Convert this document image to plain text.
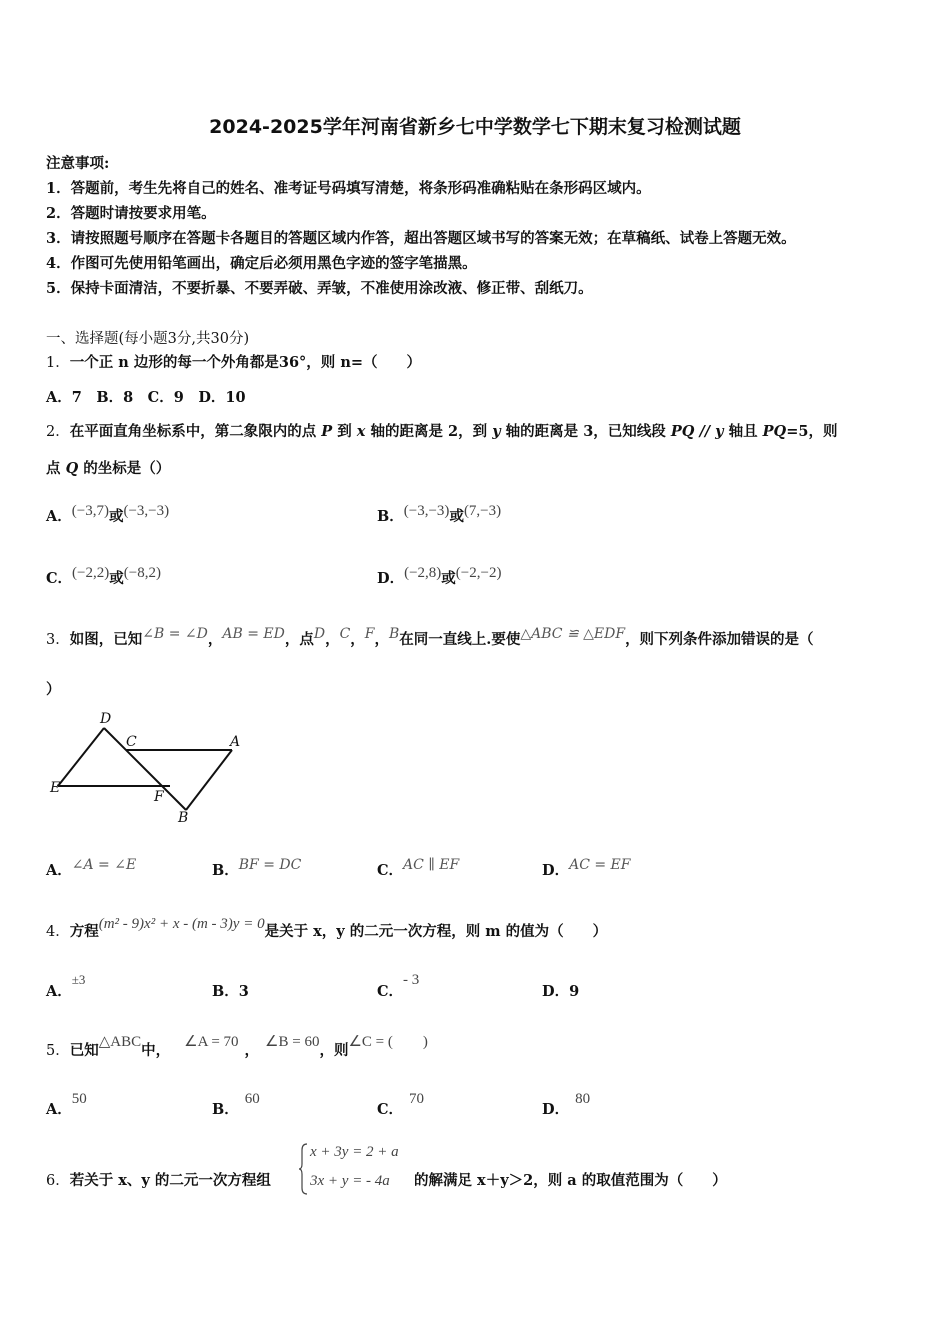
2024-2025学年河南省新乡七中学数学七下期末复习检测试题
注意事项:
1．答题前，考生先将自己的姓名、准考证号码填写清楚，将条形码准确粘贴在条形码区域内。
2．答题时请按要求用笔。
3．请按照题号顺序在答题卡各题目的答题区域内作答，超出答题区域书写的答案无效；在草稿纸、试卷上答题无效。
4．作图可先使用铅笔画出，确定后必须用黑色字迹的签字笔描黑。
5．保持卡面清洁，不要折暴、不要弄破、弄皱，不准使用涂改液、修正带、刮纸刀。
一、选择题(每小题3分,共30分)
1．一个正 n 边形的每一个外角都是36°，则 n=（　　）
A．7　B．8　C．9　D．10
2．在平面直角坐标系中，第二象限内的点 P 到 x 轴的距离是 2，到 y 轴的距离是 3，已知线段 PQ // y 轴且 PQ=5，则
点 Q 的坐标是（）
A．(−3,7)或(−3,−3)	B．(−3,−3)或(7,−3)
C．(−2,2)或(−8,2)	D．(−2,8)或(−2,−2)
3．如图，已知∠B = ∠D，AB = ED，点D，C，F，B在同一直线上.要使△ABC ≌ △EDF，则下列条件添加错误的是（
）
D
C	A
E
F
B
A．∠A = ∠E	B．BF = DC	C．AC ∥ EF	D．AC = EF
4．方程(m² - 9)x² + x - (m - 3)y = 0是关于 x，y 的二元一次方程，则 m 的值为（　　）
A．±3
B．3	C．- 3
D．9
5．已知△ABC中， ∠A = 70 ， ∠B = 60，则∠C = (　　)
A．50
B．60
C．70
D．80
6．若关于 x、y 的二元一次方程组
x + 3y = 2 + a
3x + y = - 4a 的解满足 x＋y＞2，则 a 的取值范围为（　　）
